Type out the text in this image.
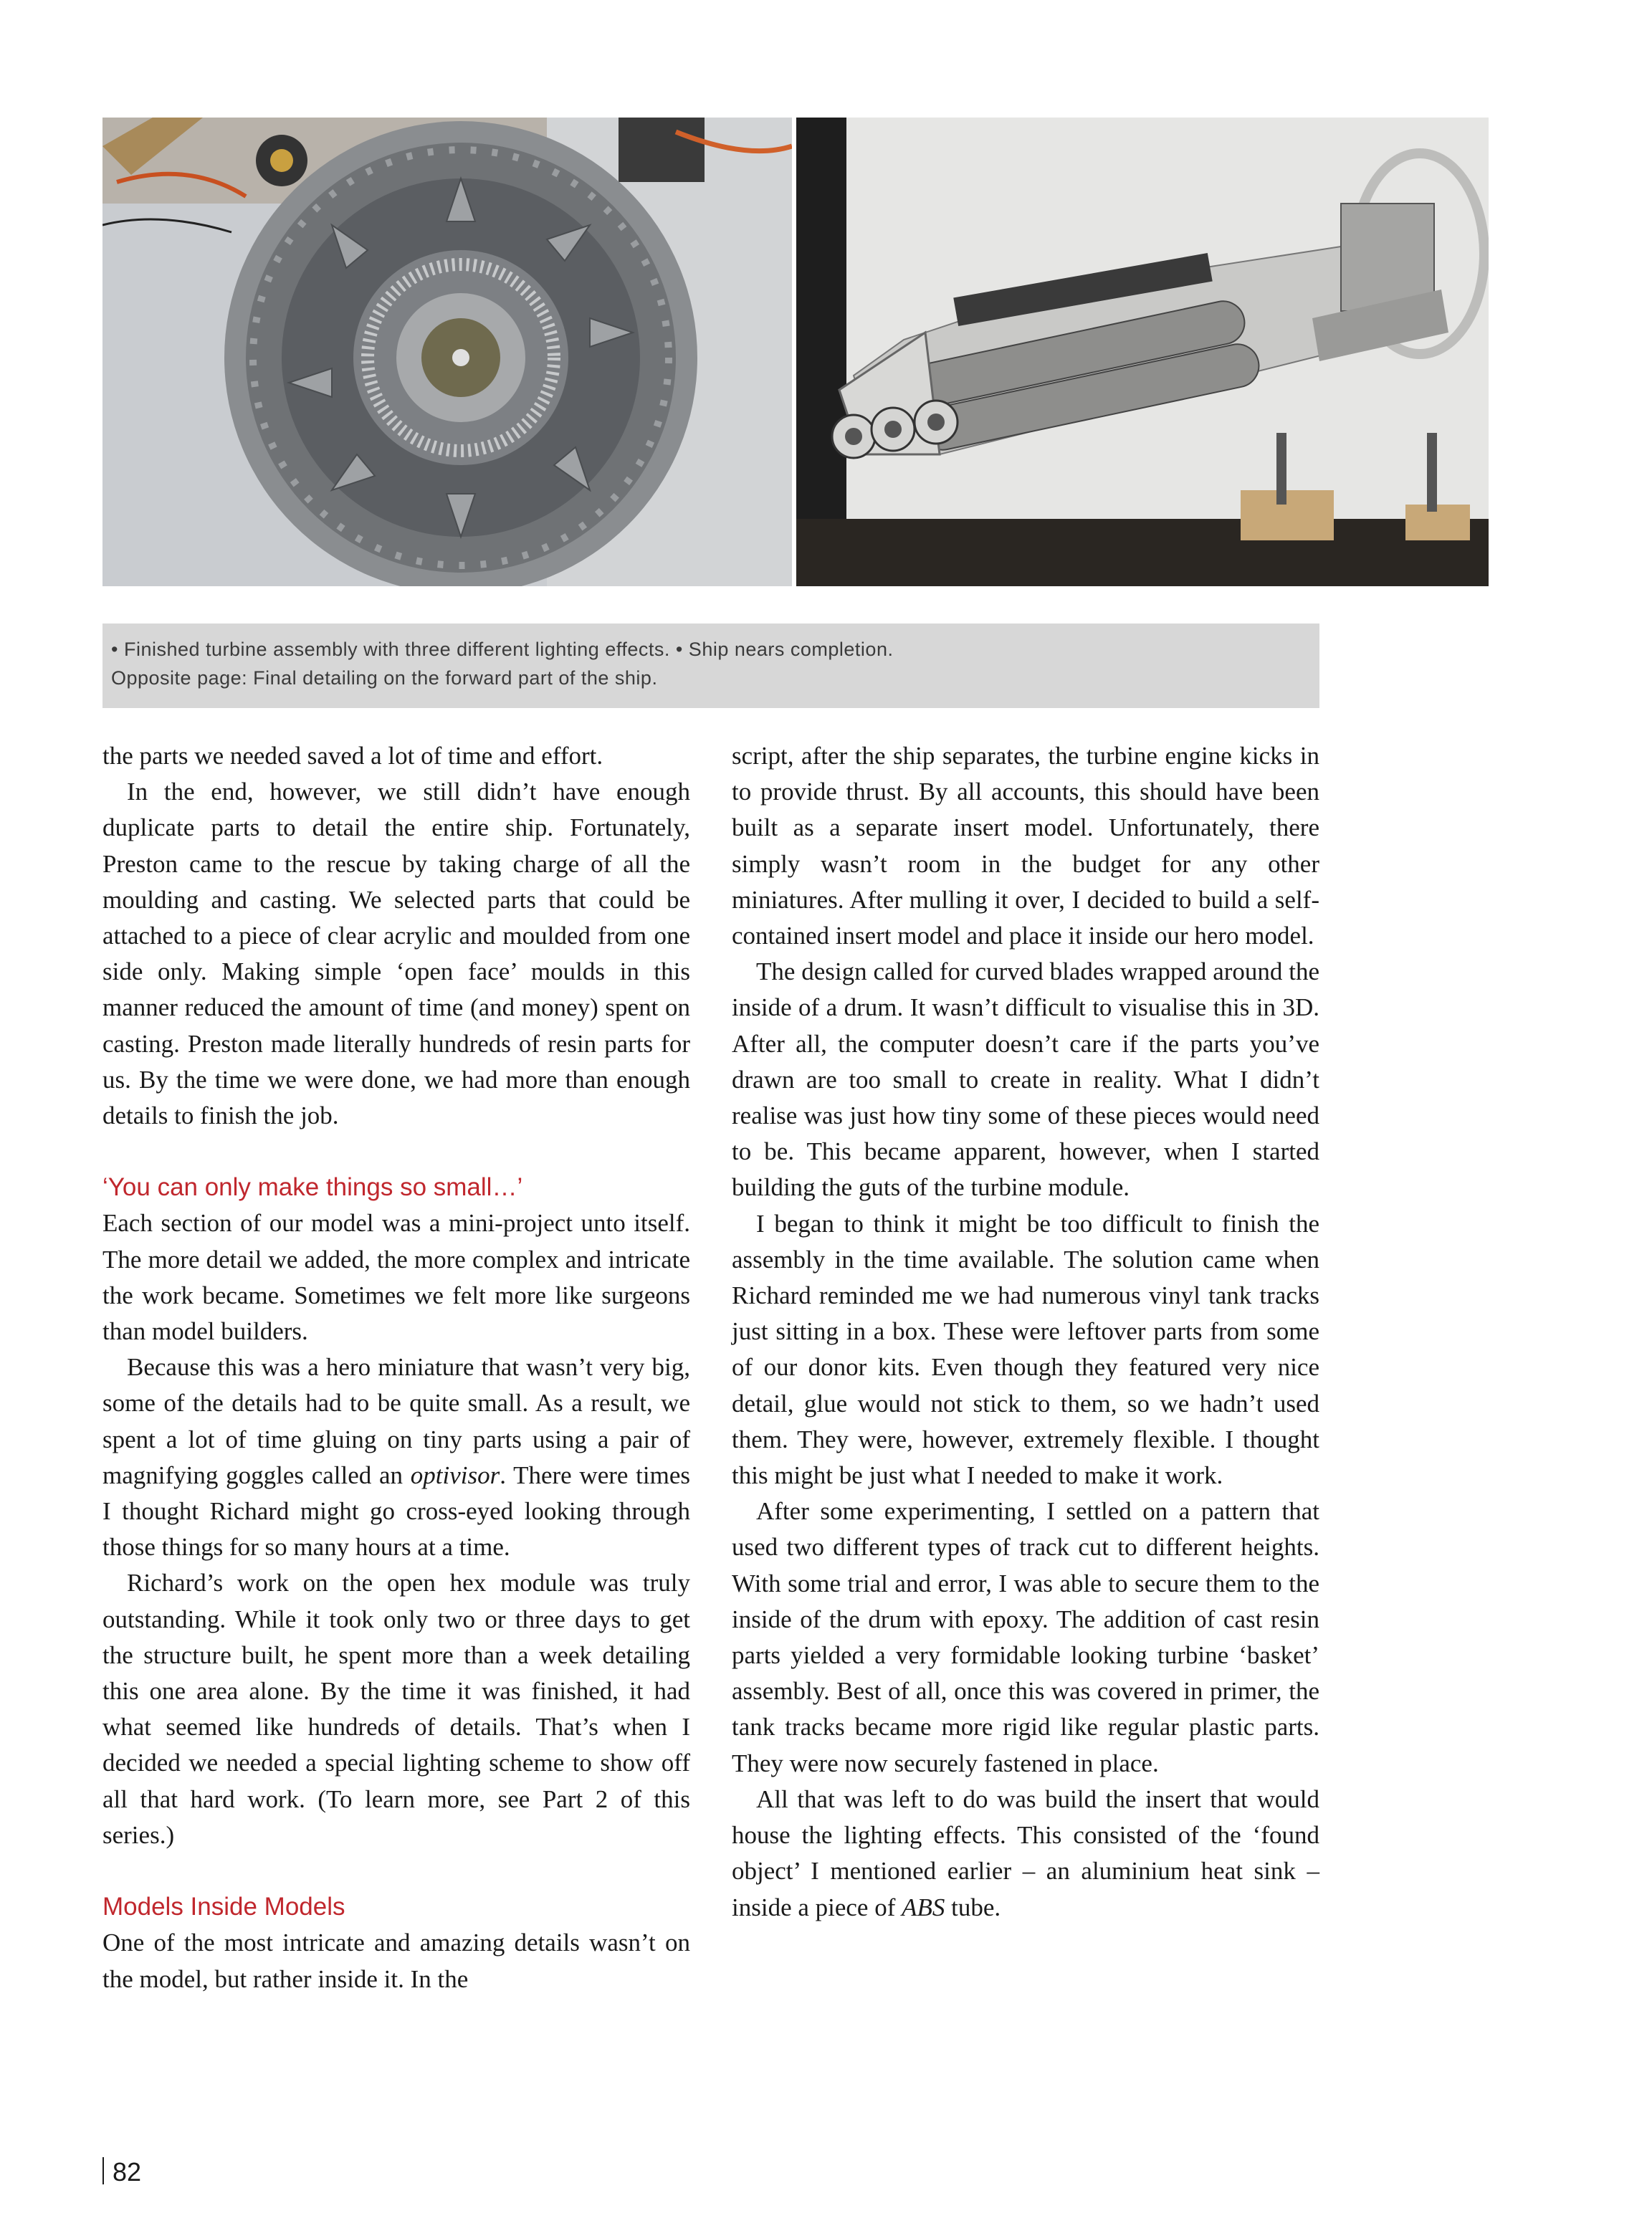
• Finished turbine assembly with three different lighting effects. • Ship nears completion.
Opposite page: Final detailing on the forward part of the ship.

the parts we needed saved a lot of time and effort.

In the end, however, we still didn’t have enough duplicate parts to detail the entire ship. Fortunately, Preston came to the rescue by taking charge of all the moulding and casting. We selected parts that could be attached to a piece of clear acrylic and moulded from one side only. Making simple ‘open face’ moulds in this manner reduced the amount of time (and money) spent on casting. Preston made literally hundreds of resin parts for us. By the time we were done, we had more than enough details to finish the job.

‘You can only make things so small…’

Each section of our model was a mini-project unto itself. The more detail we added, the more complex and intricate the work became. Sometimes we felt more like surgeons than model builders.

Because this was a hero miniature that wasn’t very big, some of the details had to be quite small. As a result, we spent a lot of time gluing on tiny parts using a pair of magnifying goggles called an optivisor. There were times I thought Richard might go cross-eyed looking through those things for so many hours at a time.

Richard’s work on the open hex module was truly outstanding. While it took only two or three days to get the structure built, he spent more than a week detailing this one area alone. By the time it was finished, it had what seemed like hundreds of details. That’s when I decided we needed a special lighting scheme to show off all that hard work. (To learn more, see Part 2 of this series.)

Models Inside Models

One of the most intricate and amazing details wasn’t on the model, but rather inside it. In the

script, after the ship separates, the turbine engine kicks in to provide thrust. By all accounts, this should have been built as a separate insert model. Unfortunately, there simply wasn’t room in the budget for any other miniatures. After mulling it over, I decided to build a self-contained insert model and place it inside our hero model.

The design called for curved blades wrapped around the inside of a drum. It wasn’t difficult to visualise this in 3D. After all, the computer doesn’t care if the parts you’ve drawn are too small to create in reality. What I didn’t realise was just how tiny some of these pieces would need to be. This became apparent, however, when I started building the guts of the turbine module.

I began to think it might be too difficult to finish the assembly in the time available. The solution came when Richard reminded me we had numerous vinyl tank tracks just sitting in a box. These were leftover parts from some of our donor kits. Even though they featured very nice detail, glue would not stick to them, so we hadn’t used them. They were, however, extremely flexible. I thought this might be just what I needed to make it work.

After some experimenting, I settled on a pattern that used two different types of track cut to different heights. With some trial and error, I was able to secure them to the inside of the drum with epoxy. The addition of cast resin parts yielded a very formidable looking turbine ‘basket’ assembly. Best of all, once this was covered in primer, the tank tracks became more rigid like regular plastic parts. They were now securely fastened in place.

All that was left to do was build the insert that would house the lighting effects. This consisted of the ‘found object’ I mentioned earlier – an aluminium heat sink – inside a piece of ABS tube.

82
